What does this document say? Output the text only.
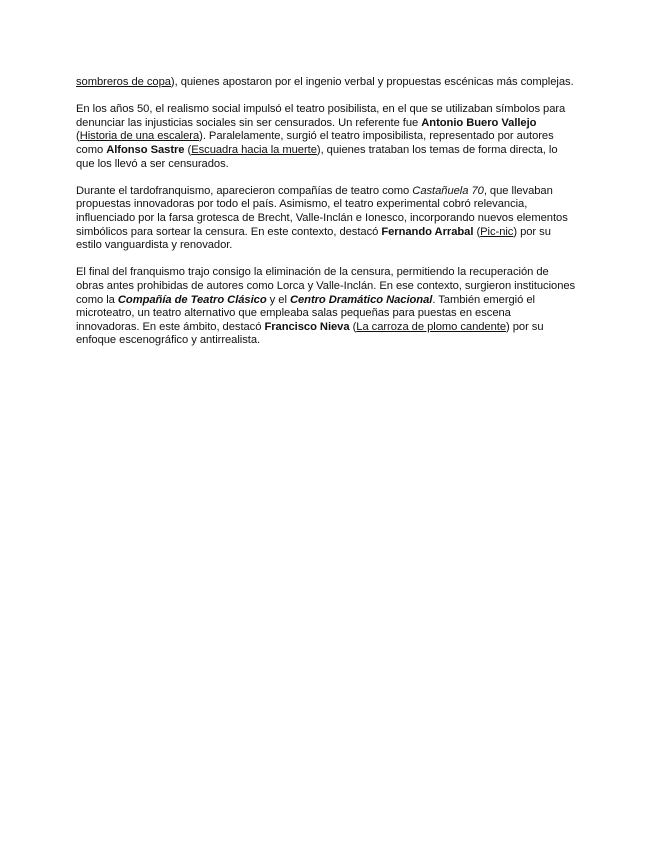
sombreros de copa), quienes apostaron por el ingenio verbal y propuestas escénicas más complejas.

En los años 50, el realismo social impulsó el teatro posibilista, en el que se utilizaban símbolos para denunciar las injusticias sociales sin ser censurados. Un referente fue Antonio Buero Vallejo (Historia de una escalera). Paralelamente, surgió el teatro imposibilista, representado por autores como Alfonso Sastre (Escuadra hacia la muerte), quienes trataban los temas de forma directa, lo que los llevó a ser censurados.

Durante el tardofranquismo, aparecieron compañías de teatro como Castañuela 70, que llevaban propuestas innovadoras por todo el país. Asimismo, el teatro experimental cobró relevancia, influenciado por la farsa grotesca de Brecht, Valle-Inclán e Ionesco, incorporando nuevos elementos simbólicos para sortear la censura. En este contexto, destacó Fernando Arrabal (Pic-nic) por su estilo vanguardista y renovador.

El final del franquismo trajo consigo la eliminación de la censura, permitiendo la recuperación de obras antes prohibidas de autores como Lorca y Valle-Inclán. En ese contexto, surgieron instituciones como la Compañía de Teatro Clásico y el Centro Dramático Nacional. También emergió el microteatro, un teatro alternativo que empleaba salas pequeñas para puestas en escena innovadoras. En este ámbito, destacó Francisco Nieva (La carroza de plomo candente) por su enfoque escenográfico y antirrealista.
